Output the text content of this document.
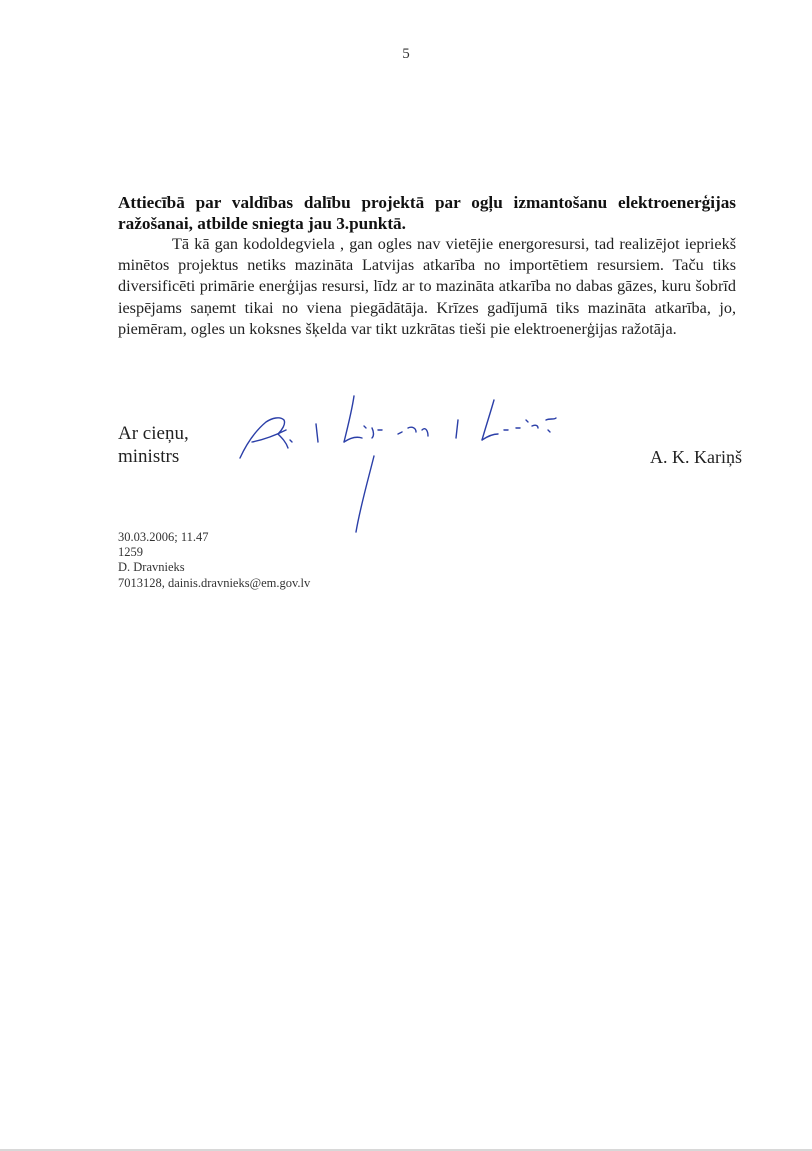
5

Attiecībā par valdības dalību projektā par ogļu izmantošanu elektroenerģijas ražošanai, atbilde sniegta jau 3.punktā.

Tā kā gan kodoldegviela , gan ogles nav vietējie energoresursi, tad realizējot iepriekš minētos projektus netiks mazināta Latvijas atkarība no importētiem resursiem. Taču tiks diversificēti primārie enerģijas resursi, līdz ar to mazināta atkarība no dabas gāzes, kuru šobrīd iespējams saņemt tikai no viena piegādātāja. Krīzes gadījumā tiks mazināta atkarība, jo, piemēram, ogles un koksnes šķelda var tikt uzkrātas tieši pie elektroenerģijas ražotāja.

Ar cieņu,
ministrs	A. K. Kariņš
30.03.2006; 11.47
1259
D. Dravnieks
7013128, dainis.dravnieks@em.gov.lv
